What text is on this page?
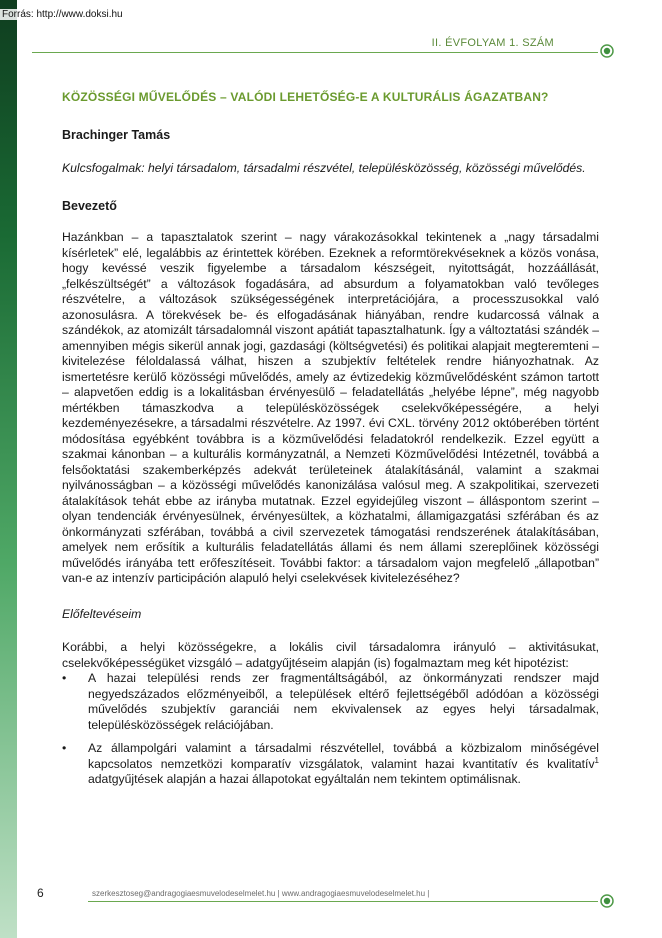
Forrás: http://www.doksi.hu
II. ÉVFOLYAM 1. SZÁM
KÖZÖSSÉGI MŰVELŐDÉS – VALÓDI LEHETŐSÉG-E A KULTURÁLIS ÁGAZATBAN?
Brachinger Tamás
Kulcsfogalmak: helyi társadalom, társadalmi részvétel, településközösség, közösségi művelődés.
Bevezető
Hazánkban – a tapasztalatok szerint – nagy várakozásokkal tekintenek a „nagy társadalmi kísérletek” elé, legalábbis az érintettek körében. Ezeknek a reformtörekvéseknek a közös vonása, hogy kevéssé veszik figyelembe a társadalom készségeit, nyitottságát, hozzáállását, „felkészültségét” a változások fogadására, ad absurdum a folyamatokban való tevőleges részvételre, a változások szükségességének interpretációjára, a processzusokkal való azonosulásra. A törekvések be- és elfogadásának hiányában, rendre kudarcossá válnak a szándékok, az atomizált társadalomnál viszont apátiát tapasztalhatunk. Így a változtatási szándék – amennyiben mégis sikerül annak jogi, gazdasági (költségvetési) és politikai alapjait megteremteni – kivitelezése féloldalassá válhat, hiszen a szubjektív feltételek rendre hiányozhatnak. Az ismertetésre kerülő közösségi művelődés, amely az évtizedekig közművelődésként számon tartott – alapvetően eddig is a lokalitásban érvényesülő – feladatellátás „helyébe lépne”, még nagyobb mértékben támaszkodva a településközösségek cselekvőképességére, a helyi kezdeményezésekre, a társadalmi részvételre. Az 1997. évi CXL. törvény 2012 októberében történt módosítása egyébként továbbra is a közművelődési feladatokról rendelkezik. Ezzel együtt a szakmai kánonban – a kulturális kormányzatnál, a Nemzeti Közművelődési Intézetnél, továbbá a felsőoktatási szakemberképzés adekvát területeinek átalakításánál, valamint a szakmai nyilvánosságban – a közösségi művelődés kanonizálása valósul meg. A szakpolitikai, szervezeti átalakítások tehát ebbe az irányba mutatnak. Ezzel egyidejűleg viszont – álláspontom szerint – olyan tendenciák érvényesülnek, érvényesültek, a közhatalmi, államigazgatási szférában és az önkormányzati szférában, továbbá a civil szervezetek támogatási rendszerének átalakításában, amelyek nem erősítik a kulturális feladatellátás állami és nem állami szereplőinek közösségi művelődés irányába tett erőfeszítéseit. További faktor: a társadalom vajon megfelelő „állapotban” van-e az intenzív participáción alapuló helyi cselekvések kivitelezéséhez?
Előfeltevéseim
Korábbi, a helyi közösségekre, a lokális civil társadalomra irányuló – aktivitásukat, cselekvőképességüket vizsgáló – adatgyűjtéseim alapján (is) fogalmaztam meg két hipotézist:
• A hazai települési rends zer fragmentáltságából, az önkormányzati rendszer majd negyedszázados előzményeiből, a települések eltérő fejlettségéből adódóan a közösségi művelődés szubjektív garanciái nem ekvivalensek az egyes helyi társadalmak, településközösségek relációjában.
• Az állampolgári valamint a társadalmi részvétellel, továbbá a közbizalom minőségével kapcsolatos nemzetközi komparatív vizsgálatok, valamint hazai kvantitatív és kvalitatív$^1$ adatgyűjtések alapján a hazai állapotokat egyáltalán nem tekintem optimálisnak.
6	szerkesztoseg@andragogiaesmuvelodeselmelet.hu | www.andragogiaesmuvelodeselmelet.hu |
